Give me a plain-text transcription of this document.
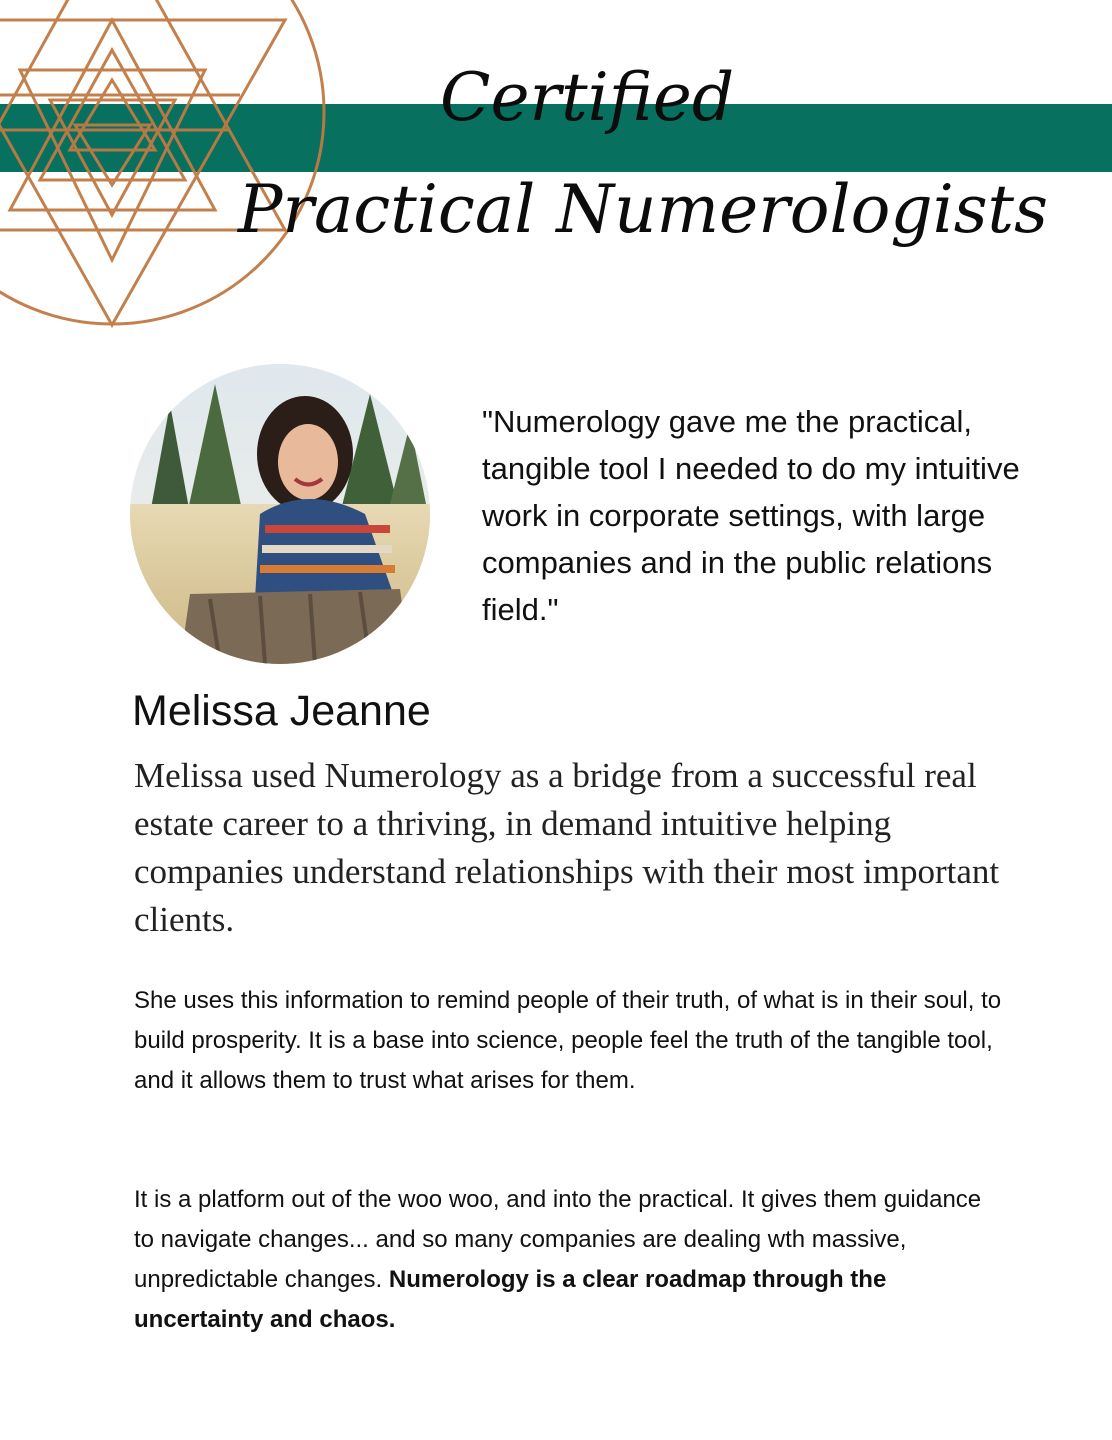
Certified
Practical Numerologists
"Numerology gave me the practical, tangible tool I needed to do my intuitive work in corporate settings, with large companies and in the public relations field."
Melissa Jeanne
Melissa used Numerology as a bridge from a successful real estate career to a thriving, in demand intuitive helping companies understand relationships with their most important clients.
She uses this information to remind people of their truth, of what is in their soul, to build prosperity. It is a base into science, people feel the truth of the tangible tool, and it allows them to trust what arises for them.
It is a platform out of the woo woo, and into the practical. It gives them guidance to navigate changes... and so many companies are dealing wth massive, unpredictable changes. Numerology is a clear roadmap through the uncertainty and chaos.
